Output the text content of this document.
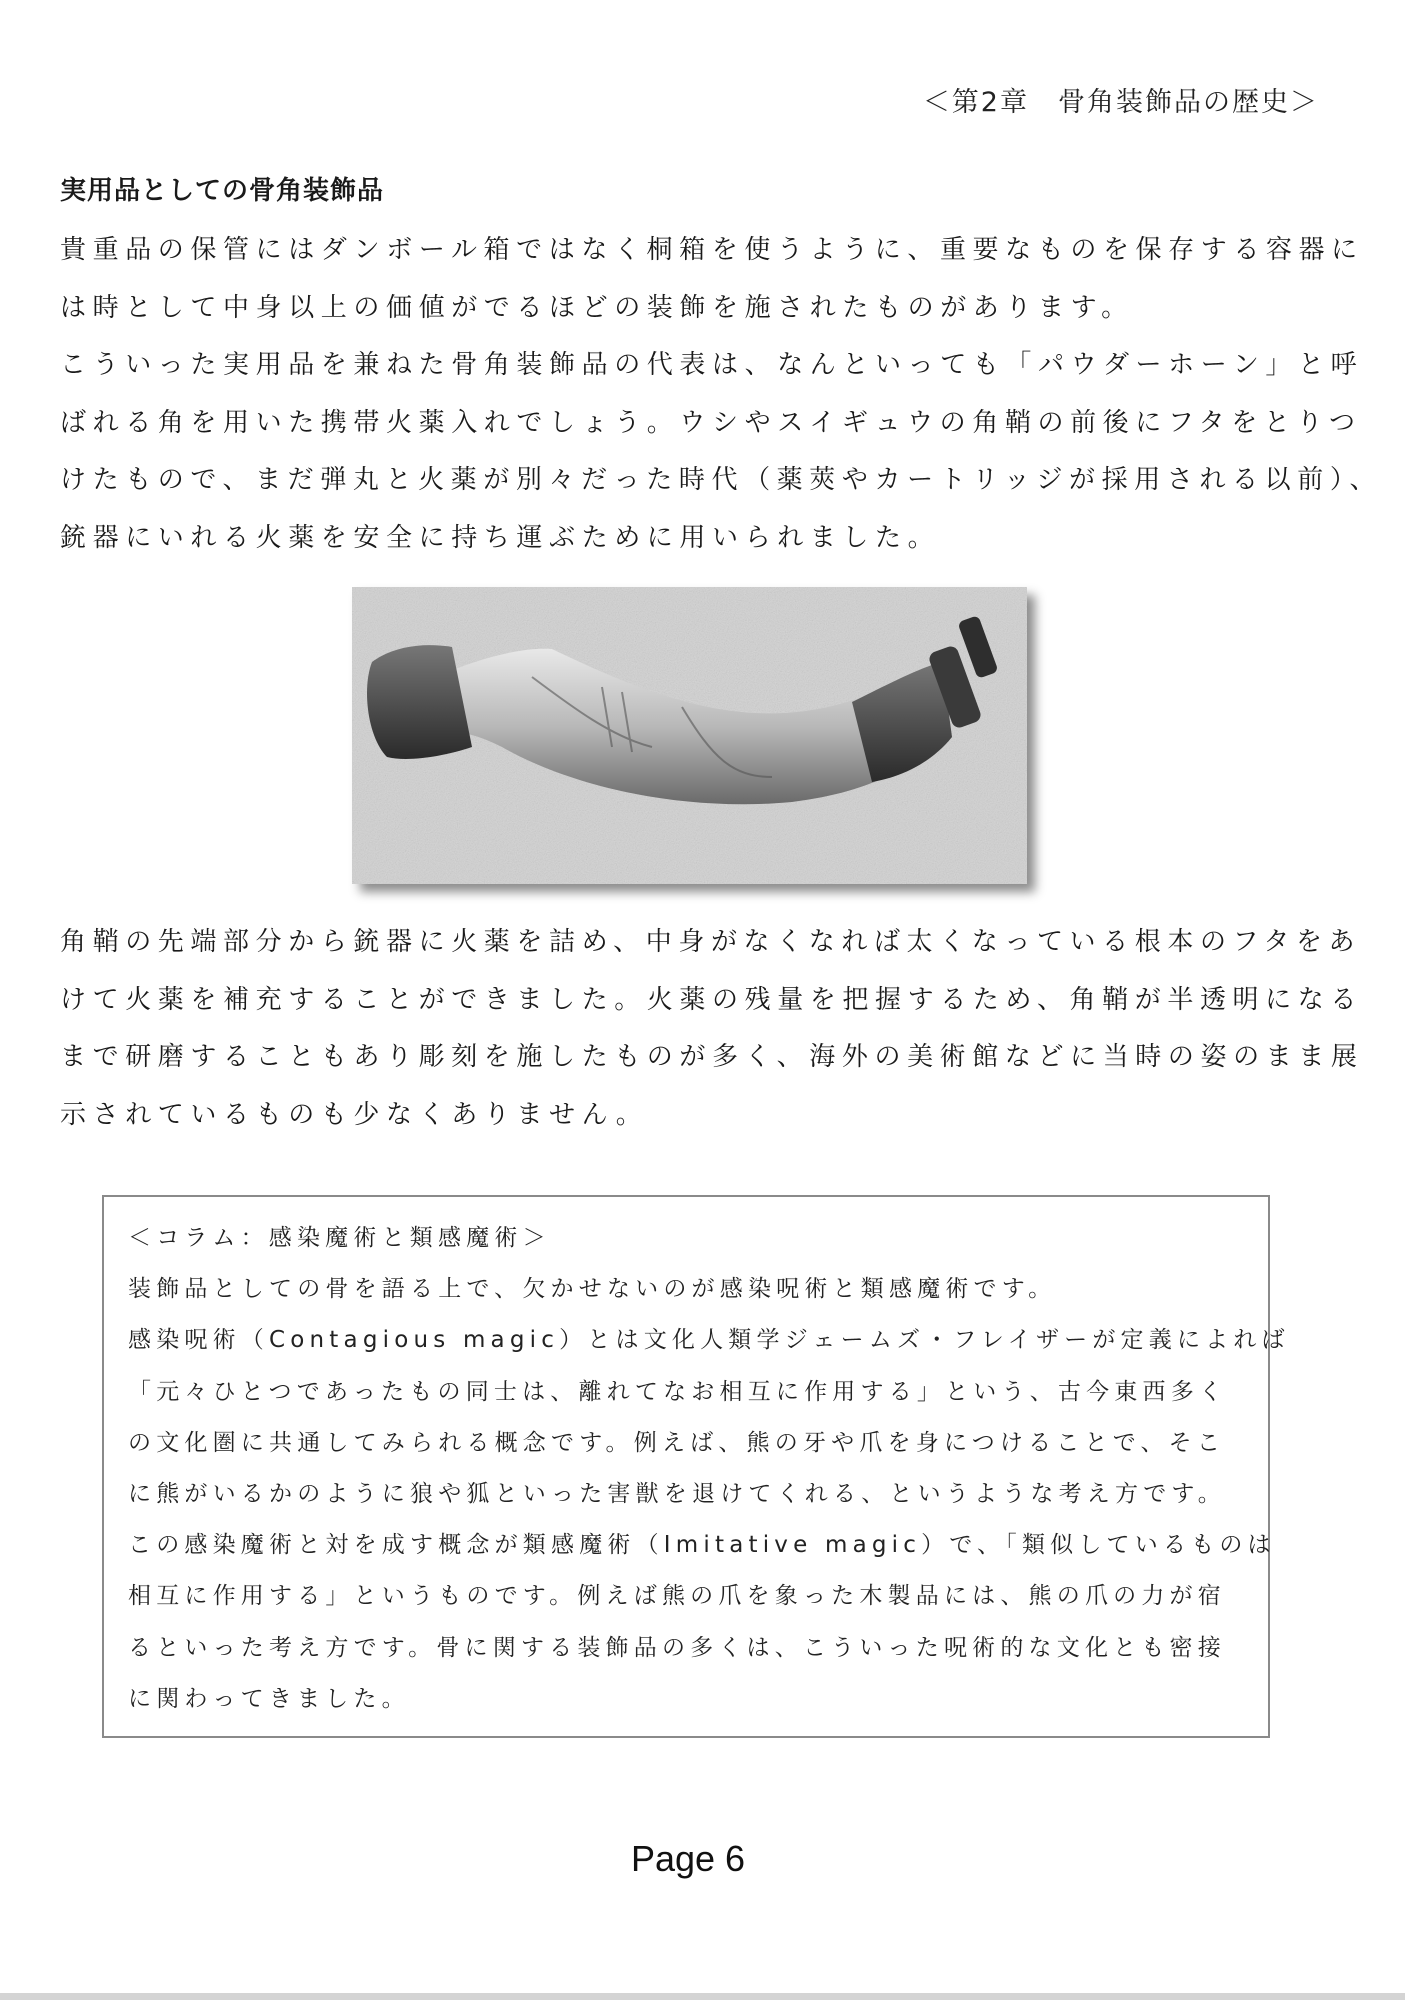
＜第2章　骨角装飾品の歴史＞
実用品としての骨角装飾品
貴重品の保管にはダンボール箱ではなく桐箱を使うように、重要なものを保存する容器に
は時として中身以上の価値がでるほどの装飾を施されたものがあります。
こういった実用品を兼ねた骨角装飾品の代表は、なんといっても「パウダーホーン」と呼
ばれる角を用いた携帯火薬入れでしょう。ウシやスイギュウの角鞘の前後にフタをとりつ
けたもので、まだ弾丸と火薬が別々だった時代（薬莢やカートリッジが採用される以前）、
銃器にいれる火薬を安全に持ち運ぶために用いられました。
角鞘の先端部分から銃器に火薬を詰め、中身がなくなれば太くなっている根本のフタをあ
けて火薬を補充することができました。火薬の残量を把握するため、角鞘が半透明になる
まで研磨することもあり彫刻を施したものが多く、海外の美術館などに当時の姿のまま展
示されているものも少なくありません。
＜コラム：感染魔術と類感魔術＞
装飾品としての骨を語る上で、欠かせないのが感染呪術と類感魔術です。
感染呪術（Contagious magic）とは文化人類学ジェームズ・フレイザーが定義によれば
「元々ひとつであったもの同士は、離れてなお相互に作用する」という、古今東西多く
の文化圏に共通してみられる概念です。例えば、熊の牙や爪を身につけることで、そこ
に熊がいるかのように狼や狐といった害獣を退けてくれる、というような考え方です。
この感染魔術と対を成す概念が類感魔術（Imitative magic）で、「類似しているものは
相互に作用する」というものです。例えば熊の爪を象った木製品には、熊の爪の力が宿
るといった考え方です。骨に関する装飾品の多くは、こういった呪術的な文化とも密接
に関わってきました。
Page 6
